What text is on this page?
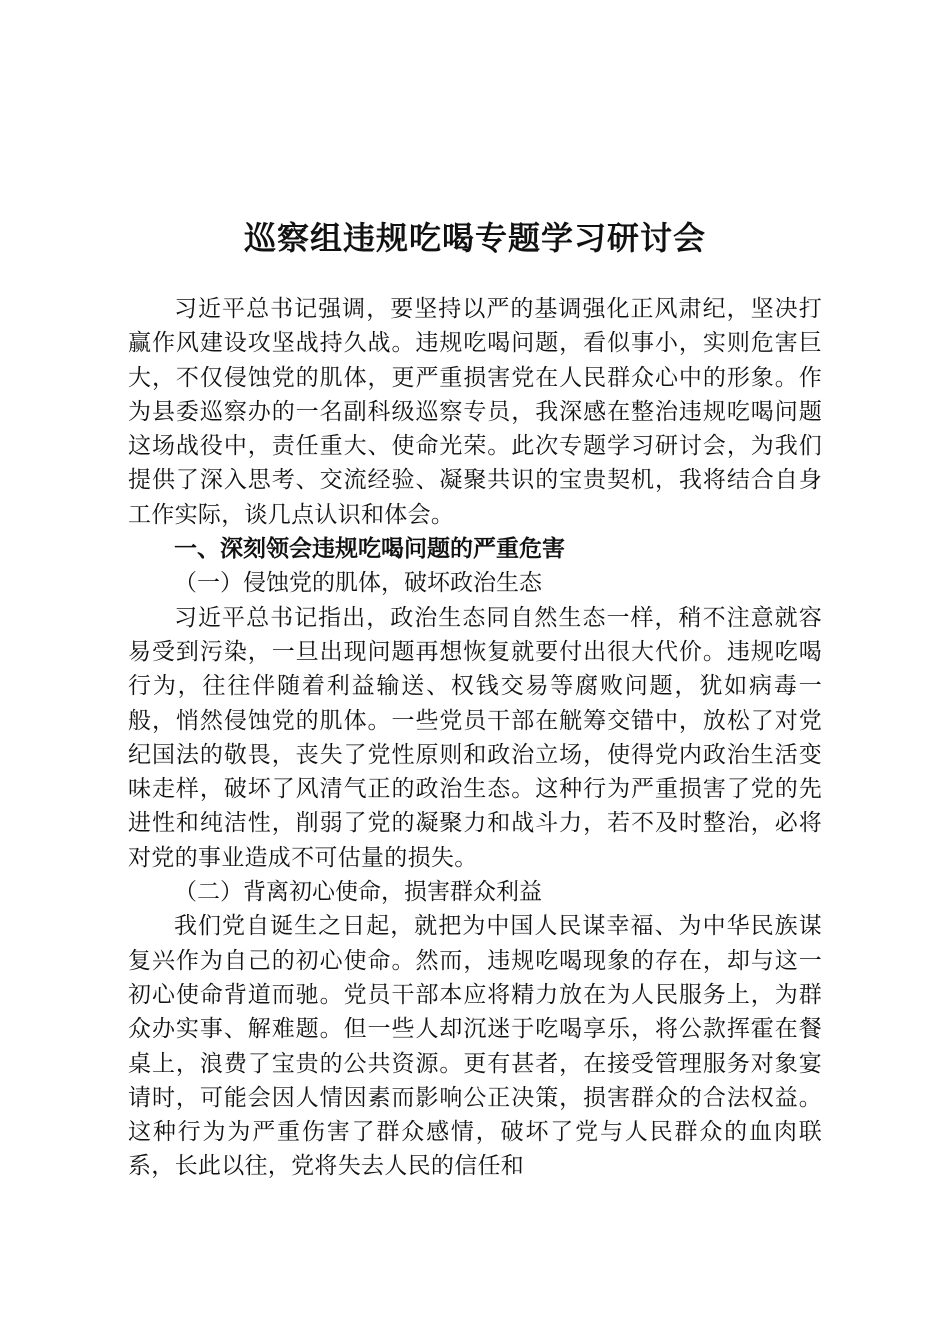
巡察组违规吃喝专题学习研讨会

习近平总书记强调，要坚持以严的基调强化正风肃纪，坚决打赢作风建设攻坚战持久战。违规吃喝问题，看似事小，实则危害巨大，不仅侵蚀党的肌体，更严重损害党在人民群众心中的形象。作为县委巡察办的一名副科级巡察专员，我深感在整治违规吃喝问题这场战役中，责任重大、使命光荣。此次专题学习研讨会，为我们提供了深入思考、交流经验、凝聚共识的宝贵契机，我将结合自身工作实际，谈几点认识和体会。

一、深刻领会违规吃喝问题的严重危害

（一）侵蚀党的肌体，破坏政治生态

习近平总书记指出，政治生态同自然生态一样，稍不注意就容易受到污染，一旦出现问题再想恢复就要付出很大代价。违规吃喝行为，往往伴随着利益输送、权钱交易等腐败问题，犹如病毒一般，悄然侵蚀党的肌体。一些党员干部在觥筹交错中，放松了对党纪国法的敬畏，丧失了党性原则和政治立场，使得党内政治生活变味走样，破坏了风清气正的政治生态。这种行为严重损害了党的先进性和纯洁性，削弱了党的凝聚力和战斗力，若不及时整治，必将对党的事业造成不可估量的损失。

（二）背离初心使命，损害群众利益

我们党自诞生之日起，就把为中国人民谋幸福、为中华民族谋复兴作为自己的初心使命。然而，违规吃喝现象的存在，却与这一初心使命背道而驰。党员干部本应将精力放在为人民服务上，为群众办实事、解难题。但一些人却沉迷于吃喝享乐，将公款挥霍在餐桌上，浪费了宝贵的公共资源。更有甚者，在接受管理服务对象宴请时，可能会因人情因素而影响公正决策，损害群众的合法权益。这种行为为严重伤害了群众感情，破坏了党与人民群众的血肉联系，长此以往，党将失去人民的信任和
